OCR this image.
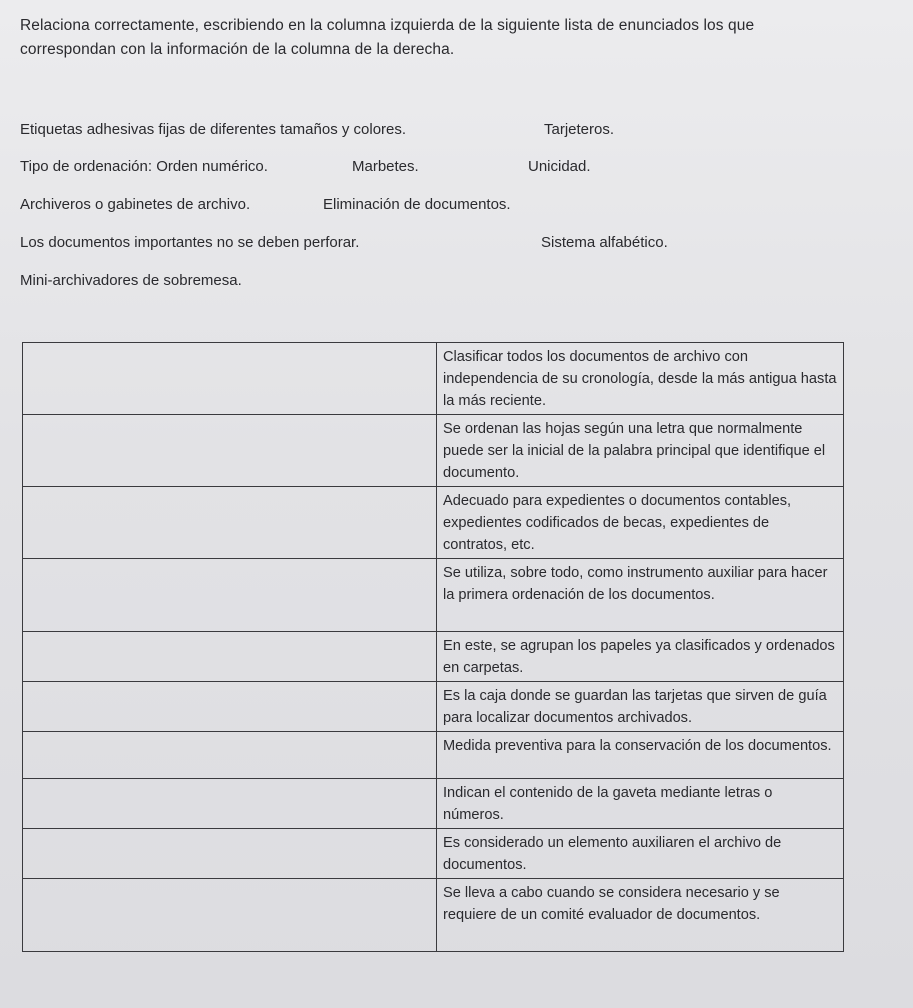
Relaciona correctamente, escribiendo en la columna izquierda de la siguiente lista de enunciados los que correspondan con la información de la columna de la derecha.
Etiquetas adhesivas fijas de diferentes tamaños y colores.	Tarjeteros.
Tipo de ordenación: Orden numérico.	Marbetes.	Unicidad.
Archiveros o gabinetes de archivo.	Eliminación de documentos.
Los documentos importantes no se deben perforar.	Sistema alfabético.
Mini-archivadores de sobremesa.
	Clasificar todos los documentos de archivo con independencia de su cronología, desde la más antigua hasta la más reciente.
	Se ordenan las hojas según una letra que normalmente puede ser la inicial de la palabra principal que identifique el documento.
	Adecuado para expedientes o documentos contables, expedientes codificados de becas, expedientes de contratos, etc.
	Se utiliza, sobre todo, como instrumento auxiliar para hacer la primera ordenación de los documentos.
	En este, se agrupan los papeles ya clasificados y ordenados en carpetas.
	Es la caja donde se guardan las tarjetas que sirven de guía para localizar documentos archivados.
	Medida preventiva para la conservación de los documentos.
	Indican el contenido de la gaveta mediante letras o números.
	Es considerado un elemento auxiliaren el archivo de documentos.
	Se lleva a cabo cuando se considera necesario y se requiere de un comité evaluador de documentos.
